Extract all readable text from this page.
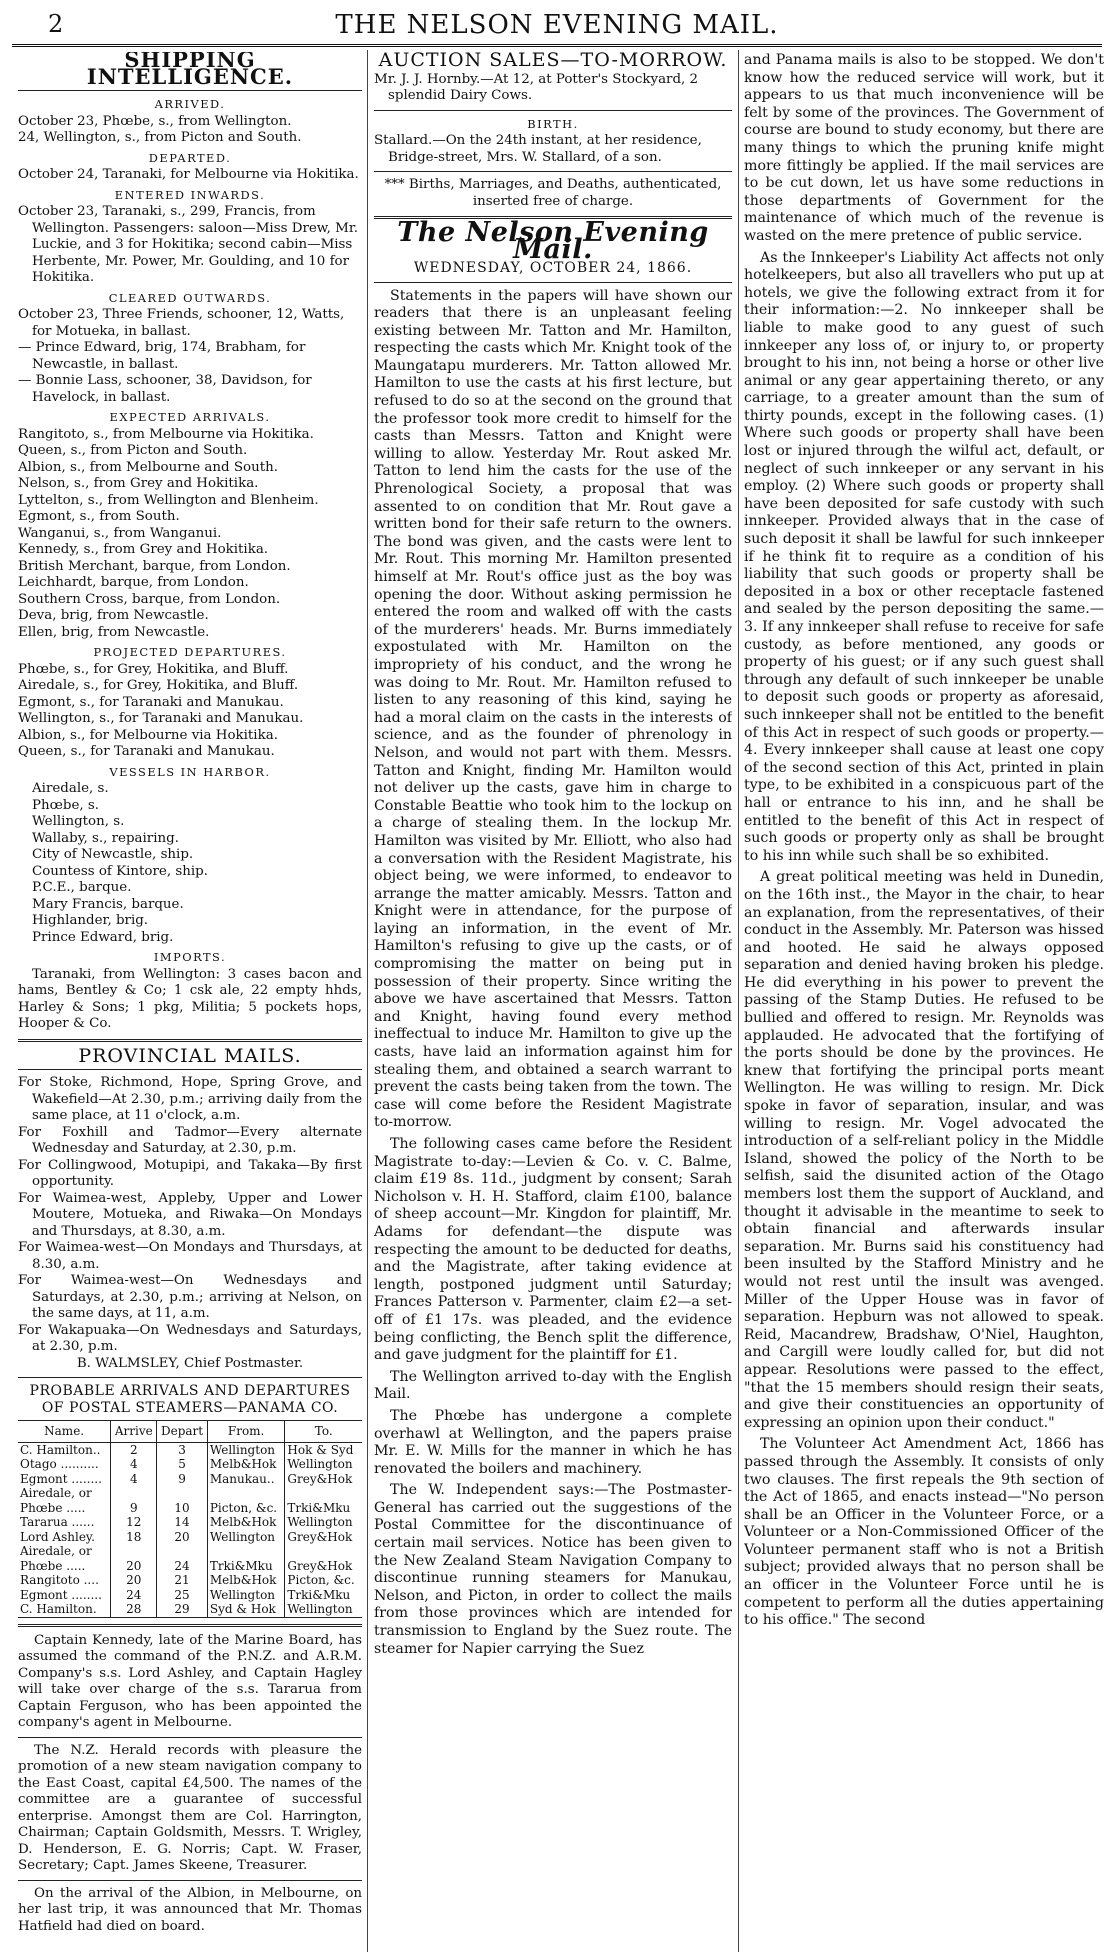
2	THE NELSON EVENING MAIL.
SHIPPING INTELLIGENCE.
ARRIVED.

October 23, Phœbe, s., from Wellington.

24, Wellington, s., from Picton and South.

DEPARTED.

October 24, Taranaki, for Melbourne via Hokitika.

ENTERED INWARDS.

October 23, Taranaki, s., 299, Francis, from Wellington. Passengers: saloon—Miss Drew, Mr. Luckie, and 3 for Hokitika; second cabin—Miss Herbente, Mr. Power, Mr. Goulding, and 10 for Hokitika.

CLEARED OUTWARDS.

October 23, Three Friends, schooner, 12, Watts, for Motueka, in ballast.

— Prince Edward, brig, 174, Brabham, for Newcastle, in ballast.

— Bonnie Lass, schooner, 38, Davidson, for Havelock, in ballast.

EXPECTED ARRIVALS.

Rangitoto, s., from Melbourne via Hokitika.

Queen, s., from Picton and South.

Albion, s., from Melbourne and South.

Nelson, s., from Grey and Hokitika.

Lyttelton, s., from Wellington and Blenheim.

Egmont, s., from South.

Wanganui, s., from Wanganui.

Kennedy, s., from Grey and Hokitika.

British Merchant, barque, from London.

Leichhardt, barque, from London.

Southern Cross, barque, from London.

Deva, brig, from Newcastle.

Ellen, brig, from Newcastle.

PROJECTED DEPARTURES.

Phœbe, s., for Grey, Hokitika, and Bluff.

Airedale, s., for Grey, Hokitika, and Bluff.

Egmont, s., for Taranaki and Manukau.

Wellington, s., for Taranaki and Manukau.

Albion, s., for Melbourne via Hokitika.

Queen, s., for Taranaki and Manukau.

VESSELS IN HARBOR.

Airedale, s.

Phœbe, s.

Wellington, s.

Wallaby, s., repairing.

City of Newcastle, ship.

Countess of Kintore, ship.

P.C.E., barque.

Mary Francis, barque.

Highlander, brig.

Prince Edward, brig.

IMPORTS.

Taranaki, from Wellington: 3 cases bacon and hams, Bentley & Co; 1 csk ale, 22 empty hhds, Harley & Sons; 1 pkg, Militia; 5 pockets hops, Hooper & Co.

PROVINCIAL MAILS.

For Stoke, Richmond, Hope, Spring Grove, and Wakefield—At 2.30, p.m.; arriving daily from the same place, at 11 o'clock, a.m.

For Foxhill and Tadmor—Every alternate Wednesday and Saturday, at 2.30, p.m.

For Collingwood, Motupipi, and Takaka—By first opportunity.

For Waimea-west, Appleby, Upper and Lower Moutere, Motueka, and Riwaka—On Mondays and Thursdays, at 8.30, a.m.

For Waimea-west—On Mondays and Thursdays, at 8.30, a.m.

For Waimea-west—On Wednesdays and Saturdays, at 2.30, p.m.; arriving at Nelson, on the same days, at 11, a.m.

For Wakapuaka—On Wednesdays and Saturdays, at 2.30, p.m.

B. WALMSLEY, Chief Postmaster.

PROBABLE ARRIVALS AND DEPARTURES OF POSTAL STEAMERS—PANAMA CO.

Name.	Arrive	Depart	From.	To.
C. Hamilton..	2	3	Wellington	Hok & Syd
Otago ..........	4	5	Melb&Hok	Wellington
Egmont ........	4	9	Manukau..	Grey&Hok
Airedale, or				
Phœbe .....	9	10	Picton, &c.	Trki&Mku
Tararua ......	12	14	Melb&Hok	Wellington
Lord Ashley.	18	20	Wellington	Grey&Hok
Airedale, or				
Phœbe .....	20	24	Trki&Mku	Grey&Hok
Rangitoto ....	20	21	Melb&Hok	Picton, &c.
Egmont ........	24	25	Wellington	Trki&Mku
C. Hamilton.	28	29	Syd & Hok	Wellington

Captain Kennedy, late of the Marine Board, has assumed the command of the P.N.Z. and A.R.M. Company's s.s. Lord Ashley, and Captain Hagley will take over charge of the s.s. Tararua from Captain Ferguson, who has been appointed the company's agent in Melbourne.

The N.Z. Herald records with pleasure the promotion of a new steam navigation company to the East Coast, capital £4,500. The names of the committee are a guarantee of successful enterprise. Amongst them are Col. Harrington, Chairman; Captain Goldsmith, Messrs. T. Wrigley, D. Henderson, E. G. Norris; Capt. W. Fraser, Secretary; Capt. James Skeene, Treasurer.

On the arrival of the Albion, in Melbourne, on her last trip, it was announced that Mr. Thomas Hatfield had died on board.

AUCTION SALES—TO-MORROW.

Mr. J. J. Hornby.—At 12, at Potter's Stockyard, 2 splendid Dairy Cows.

BIRTH.

Stallard.—On the 24th instant, at her residence, Bridge-street, Mrs. W. Stallard, of a son.

*⁢*⁢* Births, Marriages, and Deaths, authenticated, inserted free of charge.

The Nelson Evening Mail.
WEDNESDAY, OCTOBER 24, 1866.

Statements in the papers will have shown our readers that there is an unpleasant feeling existing between Mr. Tatton and Mr. Hamilton, respecting the casts which Mr. Knight took of the Maungatapu murderers. Mr. Tatton allowed Mr. Hamilton to use the casts at his first lecture, but refused to do so at the second on the ground that the professor took more credit to himself for the casts than Messrs. Tatton and Knight were willing to allow. Yesterday Mr. Rout asked Mr. Tatton to lend him the casts for the use of the Phrenological Society, a proposal that was assented to on condition that Mr. Rout gave a written bond for their safe return to the owners. The bond was given, and the casts were lent to Mr. Rout. This morning Mr. Hamilton presented himself at Mr. Rout's office just as the boy was opening the door. Without asking permission he entered the room and walked off with the casts of the murderers' heads. Mr. Burns immediately expostulated with Mr. Hamilton on the impropriety of his conduct, and the wrong he was doing to Mr. Rout. Mr. Hamilton refused to listen to any reasoning of this kind, saying he had a moral claim on the casts in the interests of science, and as the founder of phrenology in Nelson, and would not part with them. Messrs. Tatton and Knight, finding Mr. Hamilton would not deliver up the casts, gave him in charge to Constable Beattie who took him to the lockup on a charge of stealing them. In the lockup Mr. Hamilton was visited by Mr. Elliott, who also had a conversation with the Resident Magistrate, his object being, we were informed, to endeavor to arrange the matter amicably. Messrs. Tatton and Knight were in attendance, for the purpose of laying an information, in the event of Mr. Hamilton's refusing to give up the casts, or of compromising the matter on being put in possession of their property. Since writing the above we have ascertained that Messrs. Tatton and Knight, having found every method ineffectual to induce Mr. Hamilton to give up the casts, have laid an information against him for stealing them, and obtained a search warrant to prevent the casts being taken from the town. The case will come before the Resident Magistrate to-morrow.

The following cases came before the Resident Magistrate to-day:—Levien & Co. v. C. Balme, claim £19 8s. 11d., judgment by consent; Sarah Nicholson v. H. H. Stafford, claim £100, balance of sheep account—Mr. Kingdon for plaintiff, Mr. Adams for defendant—the dispute was respecting the amount to be deducted for deaths, and the Magistrate, after taking evidence at length, postponed judgment until Saturday; Frances Patterson v. Parmenter, claim £2—a set-off of £1 17s. was pleaded, and the evidence being conflicting, the Bench split the difference, and gave judgment for the plaintiff for £1.

The Wellington arrived to-day with the English Mail.

The Phœbe has undergone a complete overhawl at Wellington, and the papers praise Mr. E. W. Mills for the manner in which he has renovated the boilers and machinery.

The W. Independent says:—The Postmaster-General has carried out the suggestions of the Postal Committee for the discontinuance of certain mail services. Notice has been given to the New Zealand Steam Navigation Company to discontinue running steamers for Manukau, Nelson, and Picton, in order to collect the mails from those provinces which are intended for transmission to England by the Suez route. The steamer for Napier carrying the Suez

and Panama mails is also to be stopped. We don't know how the reduced service will work, but it appears to us that much inconvenience will be felt by some of the provinces. The Government of course are bound to study economy, but there are many things to which the pruning knife might more fittingly be applied. If the mail services are to be cut down, let us have some reductions in those departments of Government for the maintenance of which much of the revenue is wasted on the mere pretence of public service.

As the Innkeeper's Liability Act affects not only hotelkeepers, but also all travellers who put up at hotels, we give the following extract from it for their information:—2. No innkeeper shall be liable to make good to any guest of such innkeeper any loss of, or injury to, or property brought to his inn, not being a horse or other live animal or any gear appertaining thereto, or any carriage, to a greater amount than the sum of thirty pounds, except in the following cases. (1) Where such goods or property shall have been lost or injured through the wilful act, default, or neglect of such innkeeper or any servant in his employ. (2) Where such goods or property shall have been deposited for safe custody with such innkeeper. Provided always that in the case of such deposit it shall be lawful for such innkeeper if he think fit to require as a condition of his liability that such goods or property shall be deposited in a box or other receptacle fastened and sealed by the person depositing the same.—3. If any innkeeper shall refuse to receive for safe custody, as before mentioned, any goods or property of his guest; or if any such guest shall through any default of such innkeeper be unable to deposit such goods or property as aforesaid, such innkeeper shall not be entitled to the benefit of this Act in respect of such goods or property.—4. Every innkeeper shall cause at least one copy of the second section of this Act, printed in plain type, to be exhibited in a conspicuous part of the hall or entrance to his inn, and he shall be entitled to the benefit of this Act in respect of such goods or property only as shall be brought to his inn while such shall be so exhibited.

A great political meeting was held in Dunedin, on the 16th inst., the Mayor in the chair, to hear an explanation, from the representatives, of their conduct in the Assembly. Mr. Paterson was hissed and hooted. He said he always opposed separation and denied having broken his pledge. He did everything in his power to prevent the passing of the Stamp Duties. He refused to be bullied and offered to resign. Mr. Reynolds was applauded. He advocated that the fortifying of the ports should be done by the provinces. He knew that fortifying the principal ports meant Wellington. He was willing to resign. Mr. Dick spoke in favor of separation, insular, and was willing to resign. Mr. Vogel advocated the introduction of a self-reliant policy in the Middle Island, showed the policy of the North to be selfish, said the disunited action of the Otago members lost them the support of Auckland, and thought it advisable in the meantime to seek to obtain financial and afterwards insular separation. Mr. Burns said his constituency had been insulted by the Stafford Ministry and he would not rest until the insult was avenged. Miller of the Upper House was in favor of separation. Hepburn was not allowed to speak. Reid, Macandrew, Bradshaw, O'Niel, Haughton, and Cargill were loudly called for, but did not appear. Resolutions were passed to the effect, "that the 15 members should resign their seats, and give their constituencies an opportunity of expressing an opinion upon their conduct."

The Volunteer Act Amendment Act, 1866 has passed through the Assembly. It consists of only two clauses. The first repeals the 9th section of the Act of 1865, and enacts instead—"No person shall be an Officer in the Volunteer Force, or a Volunteer or a Non-Commissioned Officer of the Volunteer permanent staff who is not a British subject; provided always that no person shall be an officer in the Volunteer Force until he is competent to perform all the duties appertaining to his office." The second
